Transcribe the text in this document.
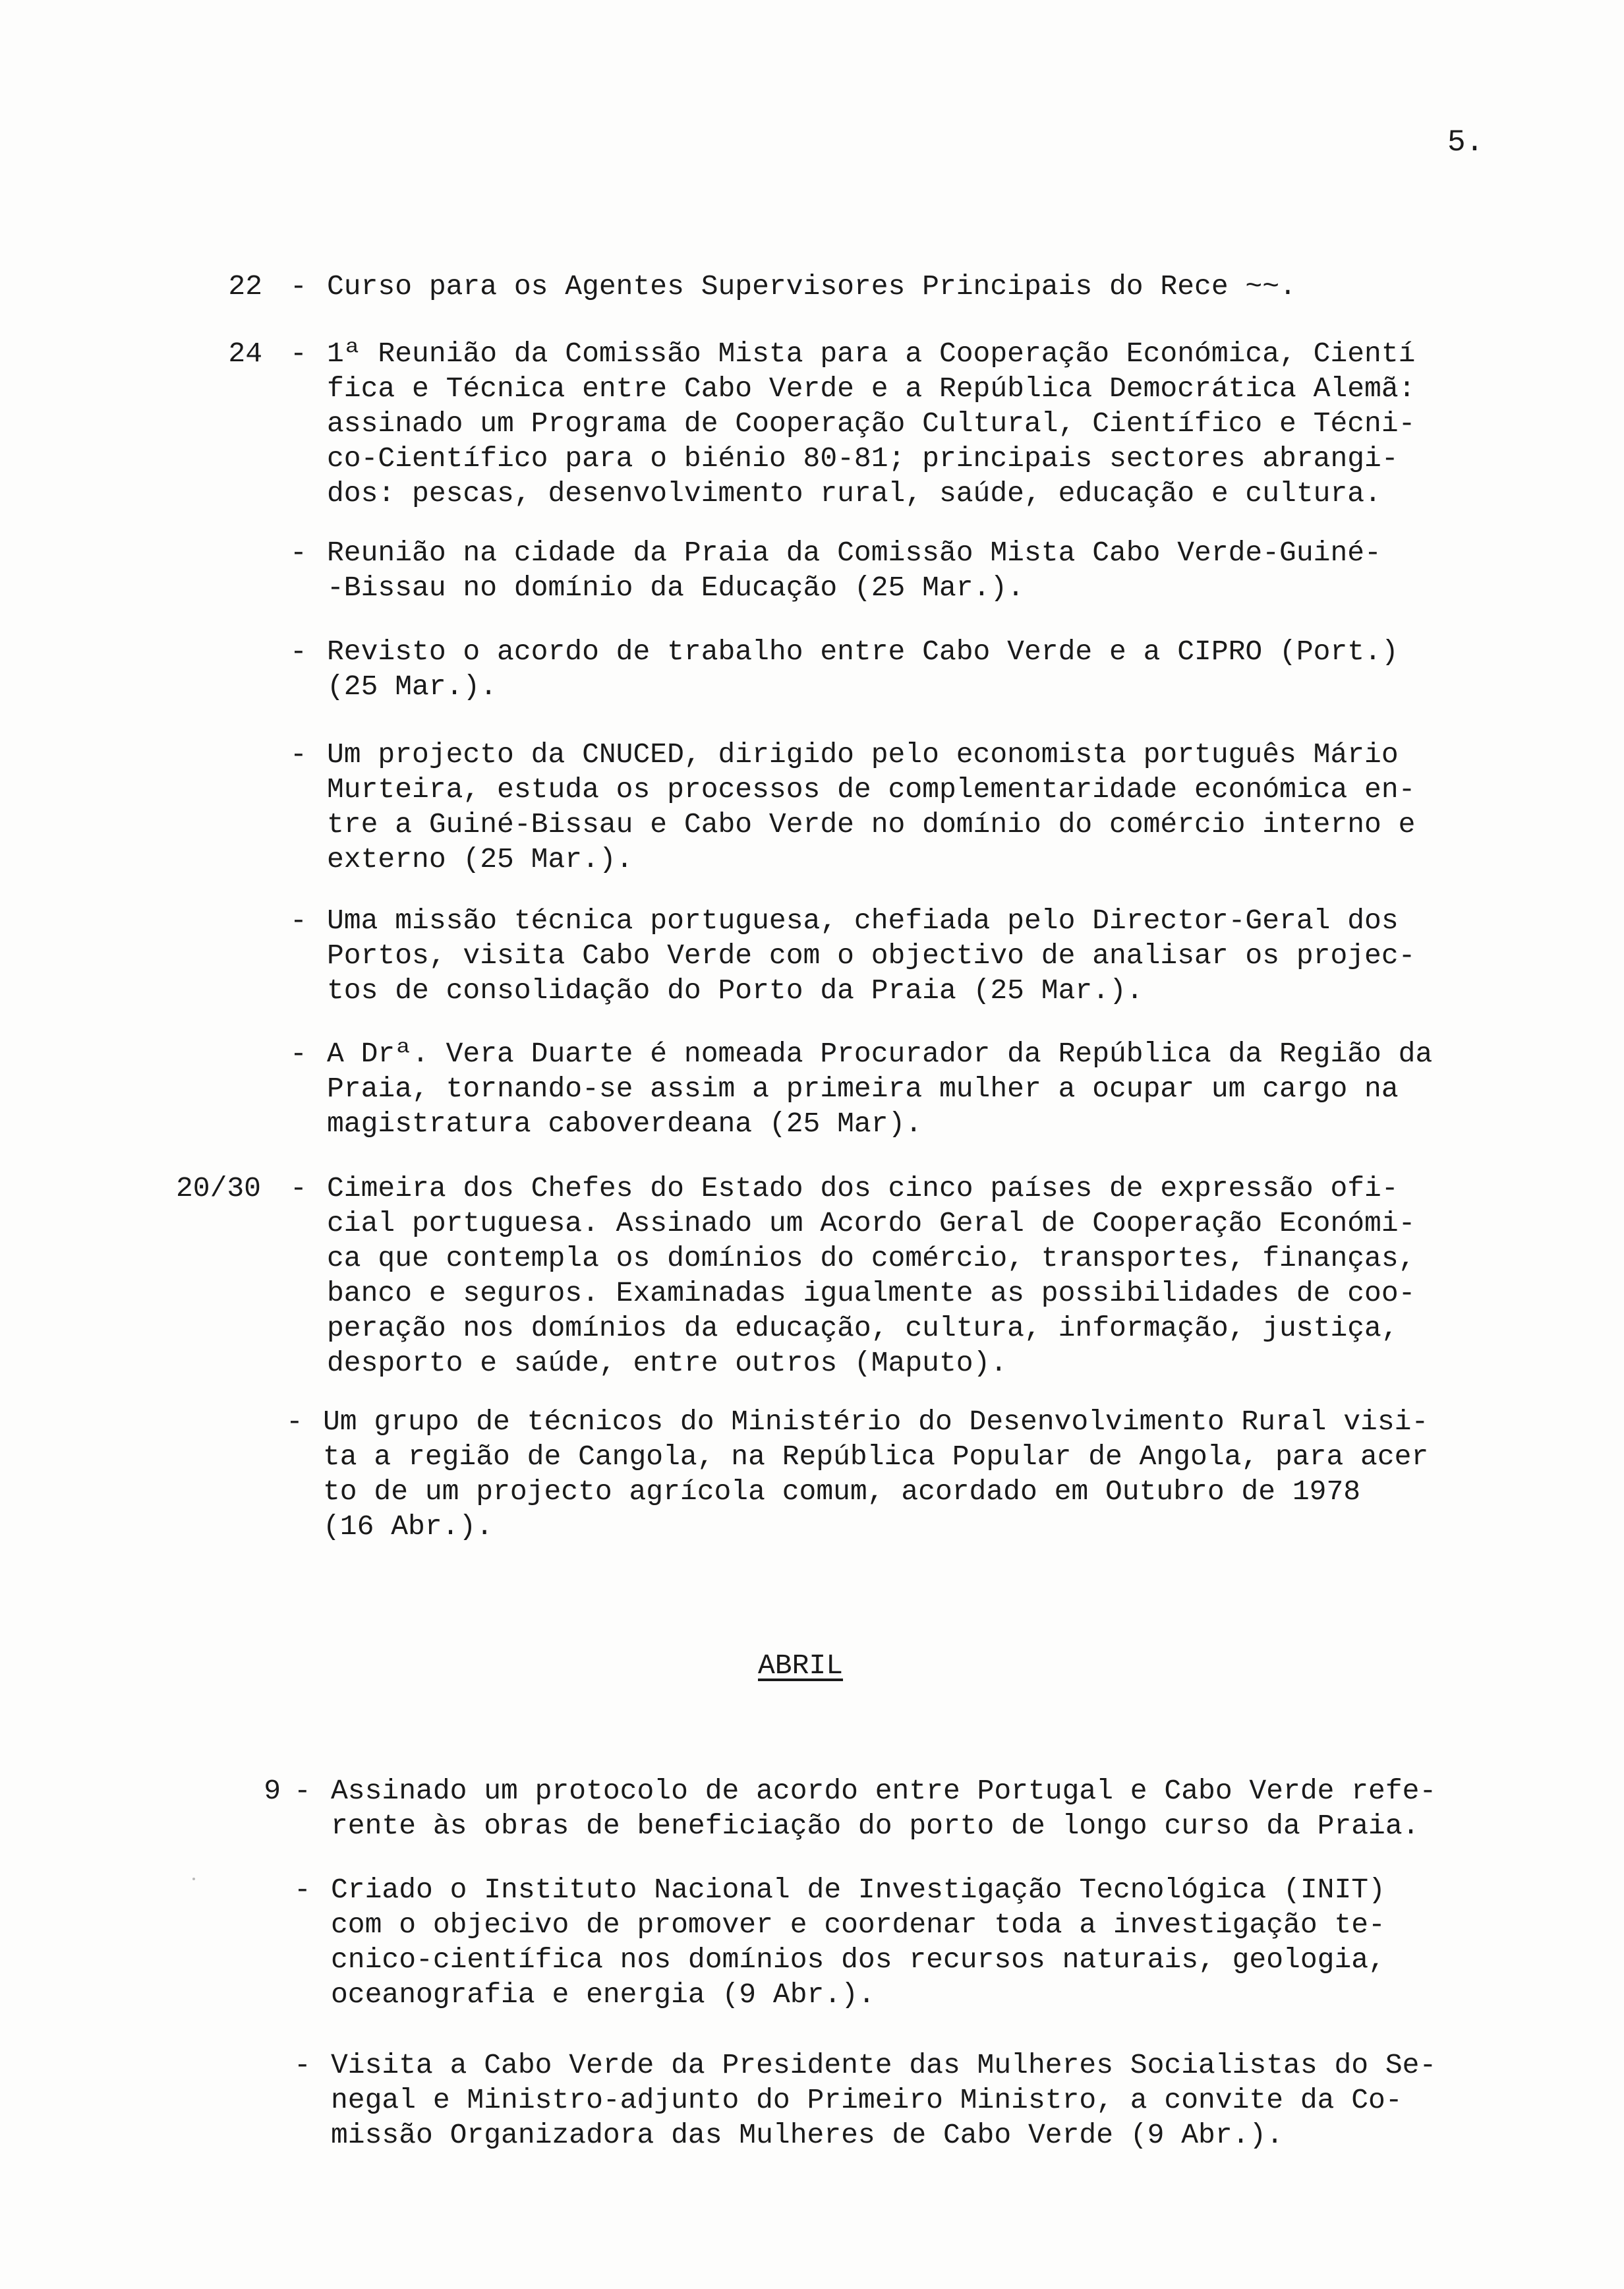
5.
22 - Curso para os Agentes Supervisores Principais do Rece ~~.
24 - 1ª Reunião da Comissão Mista para a Cooperação Económica, Cientí
fica e Técnica entre Cabo Verde e a República Democrática Alemã:
assinado um Programa de Cooperação Cultural, Científico e Técni-
co-Científico para o biénio 80-81; principais sectores abrangi-
dos: pescas, desenvolvimento rural, saúde, educação e cultura.
- Reunião na cidade da Praia da Comissão Mista Cabo Verde-Guiné-
-Bissau no domínio da Educação (25 Mar.).
- Revisto o acordo de trabalho entre Cabo Verde e a CIPRO (Port.)
(25 Mar.).
- Um projecto da CNUCED, dirigido pelo economista português Mário
Murteira, estuda os processos de complementaridade económica en-
tre a Guiné-Bissau e Cabo Verde no domínio do comércio interno e
externo (25 Mar.).
- Uma missão técnica portuguesa, chefiada pelo Director-Geral dos
Portos, visita Cabo Verde com o objectivo de analisar os projec-
tos de consolidação do Porto da Praia (25 Mar.).
- A Drª. Vera Duarte é nomeada Procurador da República da Região da
Praia, tornando-se assim a primeira mulher a ocupar um cargo na
magistratura caboverdeana (25 Mar).
20/30 - Cimeira dos Chefes do Estado dos cinco países de expressão ofi-
cial portuguesa. Assinado um Acordo Geral de Cooperação Económi-
ca que contempla os domínios do comércio, transportes, finanças,
banco e seguros. Examinadas igualmente as possibilidades de coo-
peração nos domínios da educação, cultura, informação, justiça,
desporto e saúde, entre outros (Maputo).
- Um grupo de técnicos do Ministério do Desenvolvimento Rural visi-
ta a região de Cangola, na República Popular de Angola, para acer
to de um projecto agrícola comum, acordado em Outubro de 1978
(16 Abr.).
ABRIL
9 - Assinado um protocolo de acordo entre Portugal e Cabo Verde refe-
rente às obras de beneficiação do porto de longo curso da Praia.
- Criado o Instituto Nacional de Investigação Tecnológica (INIT)
com o objecivo de promover e coordenar toda a investigação te-
cnico-científica nos domínios dos recursos naturais, geologia,
oceanografia e energia (9 Abr.).
- Visita a Cabo Verde da Presidente das Mulheres Socialistas do Se-
negal e Ministro-adjunto do Primeiro Ministro, a convite da Co-
missão Organizadora das Mulheres de Cabo Verde (9 Abr.).
